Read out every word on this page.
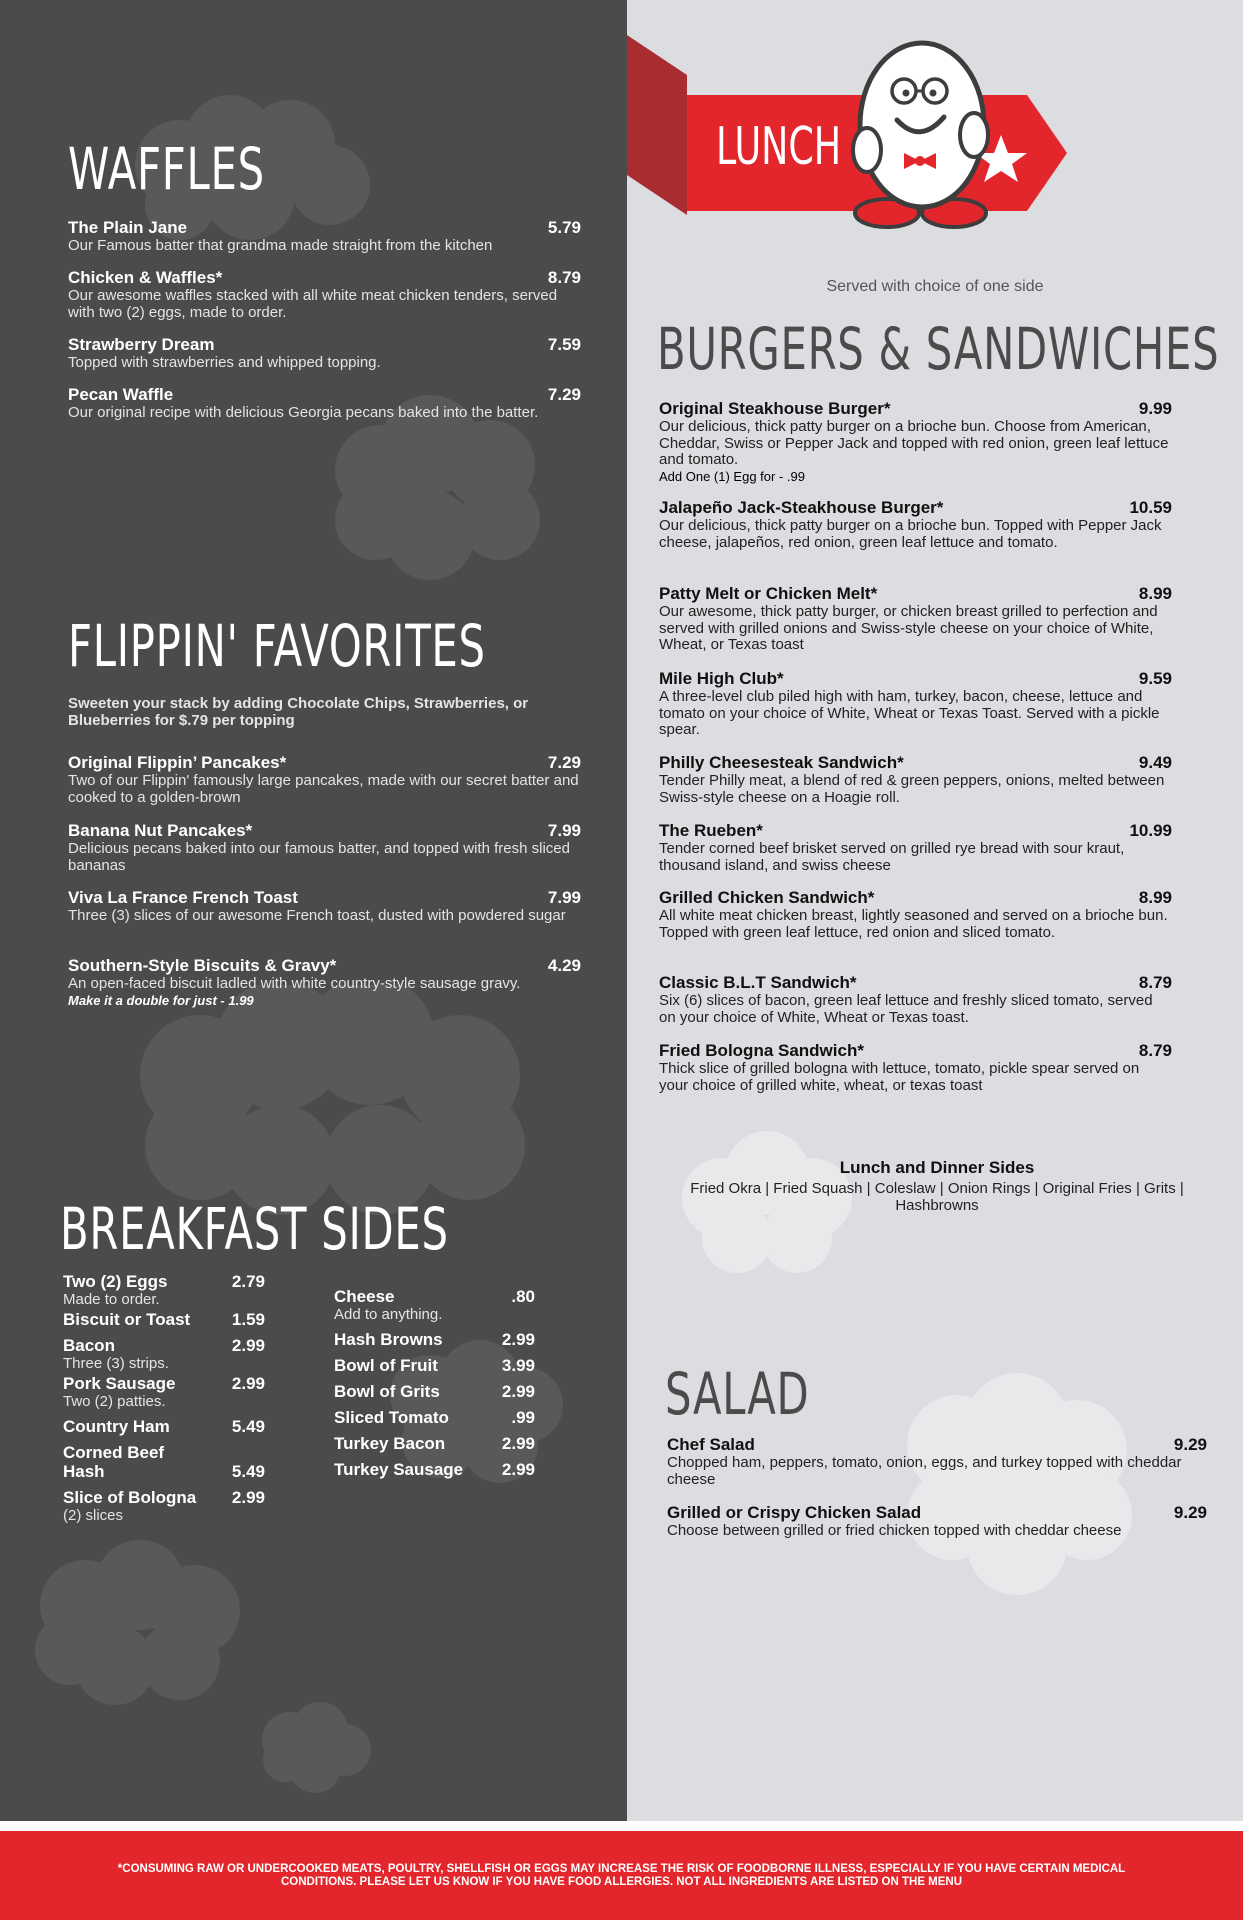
WAFFLES
The Plain Jane	5.79
Our Famous batter that grandma made straight from the kitchen
Chicken & Waffles*	8.79
Our awesome waffles stacked with all white meat chicken tenders, served with two (2) eggs, made to order.
Strawberry Dream	7.59
Topped with strawberries and whipped topping.
Pecan Waffle	7.29
Our original recipe with delicious Georgia pecans baked into the batter.
FLIPPIN' FAVORITES
Sweeten your stack by adding Chocolate Chips, Strawberries, or Blueberries for $.79 per topping
Original Flippin’ Pancakes*	7.29
Two of our Flippin' famously large pancakes, made with our secret batter and cooked to a golden-brown
Banana Nut Pancakes*	7.99
Delicious pecans baked into our famous batter, and topped with fresh sliced bananas
Viva La France French Toast	7.99
Three (3) slices of our awesome French toast, dusted with powdered sugar
Southern-Style Biscuits & Gravy*	4.29
An open-faced biscuit ladled with white country-style sausage gravy.
Make it a double for just - 1.99
BREAKFAST SIDES
Two (2) Eggs	2.79
Made to order.
Biscuit or Toast 1.59
Bacon	2.99
Three (3) strips.
Pork Sausage	2.99
Two (2) patties.
Country Ham	5.49
Corned Beef Hash	5.49
Slice of Bologna 2.99
(2) slices
Cheese	.80
Add to anything.
Hash Browns	2.99
Bowl of Fruit	3.99
Bowl of Grits	2.99
Sliced Tomato	.99
Turkey Bacon	2.99
Turkey Sausage 2.99
LUNCH
Served with choice of one side
BURGERS & SANDWICHES
Original Steakhouse Burger*	9.99
Our delicious, thick patty burger on a brioche bun. Choose from American, Cheddar, Swiss or Pepper Jack and topped with red onion, green leaf lettuce and tomato.
Add One (1) Egg for - .99
Jalapeño Jack-Steakhouse Burger*	10.59
Our delicious, thick patty burger on a brioche bun. Topped with Pepper Jack cheese, jalapeños, red onion, green leaf lettuce and tomato.
Patty Melt or Chicken Melt*	8.99
Our awesome, thick patty burger, or chicken breast grilled to perfection and served with grilled onions and Swiss-style cheese on your choice of White, Wheat, or Texas toast
Mile High Club*	9.59
A three-level club piled high with ham, turkey, bacon, cheese, lettuce and tomato on your choice of White, Wheat or Texas Toast. Served with a pickle spear.
Philly Cheesesteak Sandwich*	9.49
Tender Philly meat, a blend of red & green peppers, onions, melted between Swiss-style cheese on a Hoagie roll.
The Rueben*	10.99
Tender corned beef brisket served on grilled rye bread with sour kraut, thousand island, and swiss cheese
Grilled Chicken Sandwich*	8.99
All white meat chicken breast, lightly seasoned and served on a brioche bun. Topped with green leaf lettuce, red onion and sliced tomato.
Classic B.L.T Sandwich*	8.79
Six (6) slices of bacon, green leaf lettuce and freshly sliced tomato, served on your choice of White, Wheat or Texas toast.
Fried Bologna Sandwich*	8.79
Thick slice of grilled bologna with lettuce, tomato, pickle spear served on your choice of grilled white, wheat, or texas toast
Lunch and Dinner Sides
Fried Okra | Fried Squash | Coleslaw | Onion Rings | Original Fries | Grits | Hashbrowns
SALAD
Chef Salad	9.29
Chopped ham, peppers, tomato, onion, eggs, and turkey topped with cheddar cheese
Grilled or Crispy Chicken Salad	9.29
Choose between grilled or fried chicken topped with cheddar cheese
*CONSUMING RAW OR UNDERCOOKED MEATS, POULTRY, SHELLFISH OR EGGS MAY INCREASE THE RISK OF FOODBORNE ILLNESS, ESPECIALLY IF YOU HAVE CERTAIN MEDICAL CONDITIONS. PLEASE LET US KNOW IF YOU HAVE FOOD ALLERGIES. NOT ALL INGREDIENTS ARE LISTED ON THE MENU
